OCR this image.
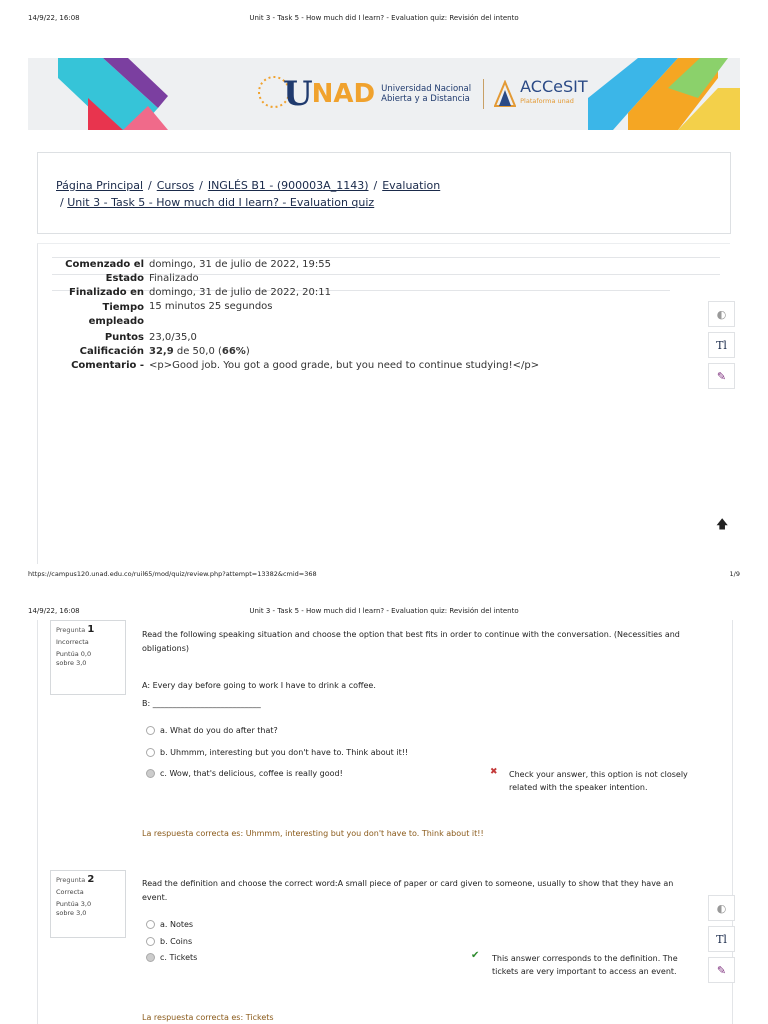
14/9/22, 16:08	Unit 3 - Task 5 - How much did I learn? - Evaluation quiz: Revisión del intento
U NAD Universidad Nacional
Abierta y a Distancia
ACCeSIT
Plataforma unad
Página Principal / Cursos / INGLÉS B1 - (900003A_1143) / Evaluation
/ Unit 3 - Task 5 - How much did I learn? - Evaluation quiz
Comenzado el	domingo, 31 de julio de 2022, 19:55
Estado	Finalizado
Finalizado en	domingo, 31 de julio de 2022, 20:11
Tiempo empleado	15 minutos 25 segundos
Puntos	23,0/35,0
Calificación	32,9 de 50,0 (66%)
Comentario -	<p>Good job. You got a good grade, but you need to continue studying!</p>
◐
Tl
✎
🡅
https://campus120.unad.edu.co/ruil65/mod/quiz/review.php?attempt=13382&cmid=368	1/9
14/9/22, 16:08	Unit 3 - Task 5 - How much did I learn? - Evaluation quiz: Revisión del intento
Pregunta 1
Incorrecta
Puntúa 0,0 sobre 3,0
Read the following speaking situation and choose the option that best fits in order to continue with the conversation. (Necessities and obligations)
A: Every day before going to work I have to drink a coffee.
B: ___________________________
a. What do you do after that?
b. Uhmmm, interesting but you don't have to. Think about it!!
c. Wow, that's delicious, coffee is really good!	✖ Check your answer, this option is not closely related with the speaker intention.
La respuesta correcta es: Uhmmm, interesting but you don't have to. Think about it!!
Pregunta 2
Correcta
Puntúa 3,0 sobre 3,0
Read the definition and choose the correct word:A small piece of paper or card given to someone, usually to show that they have an event.
a. Notes
b. Coins
c. Tickets	✔ This answer corresponds to the definition. The tickets are very important to access an event.
La respuesta correcta es: Tickets
◐
Tl
✎
